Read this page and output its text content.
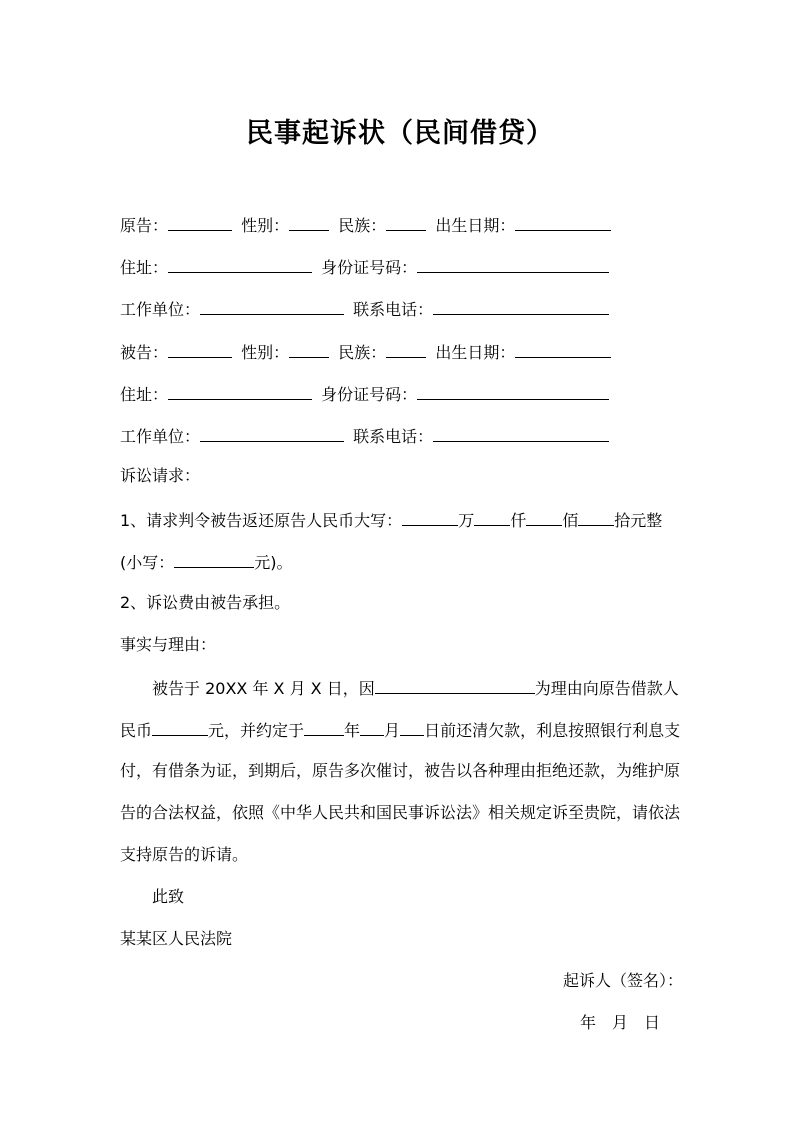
民事起诉状（民间借贷）
原告：	性别：	民族：	出生日期：
住址：	身份证号码：
工作单位：	联系电话：
被告：	性别：	民族：	出生日期：
住址：	身份证号码：
工作单位：	联系电话：
诉讼请求：
1、请求判令被告返还原告人民币大写：	万 仟 佰 拾元整
(小写：	元)。
2、诉讼费由被告承担。
事实与理由：
被告于 20XX 年 X 月 X 日，因	为理由向原告借款人
民币	元，并约定于	年 月 日前还清欠款，利息按照银行利息支
付，有借条为证，到期后，原告多次催讨，被告以各种理由拒绝还款，为维护原
告的合法权益，依照《中华人民共和国民事诉讼法》相关规定诉至贵院，请依法
支持原告的诉请。
此致
某某区人民法院
起诉人（签名）：
年　月　日
